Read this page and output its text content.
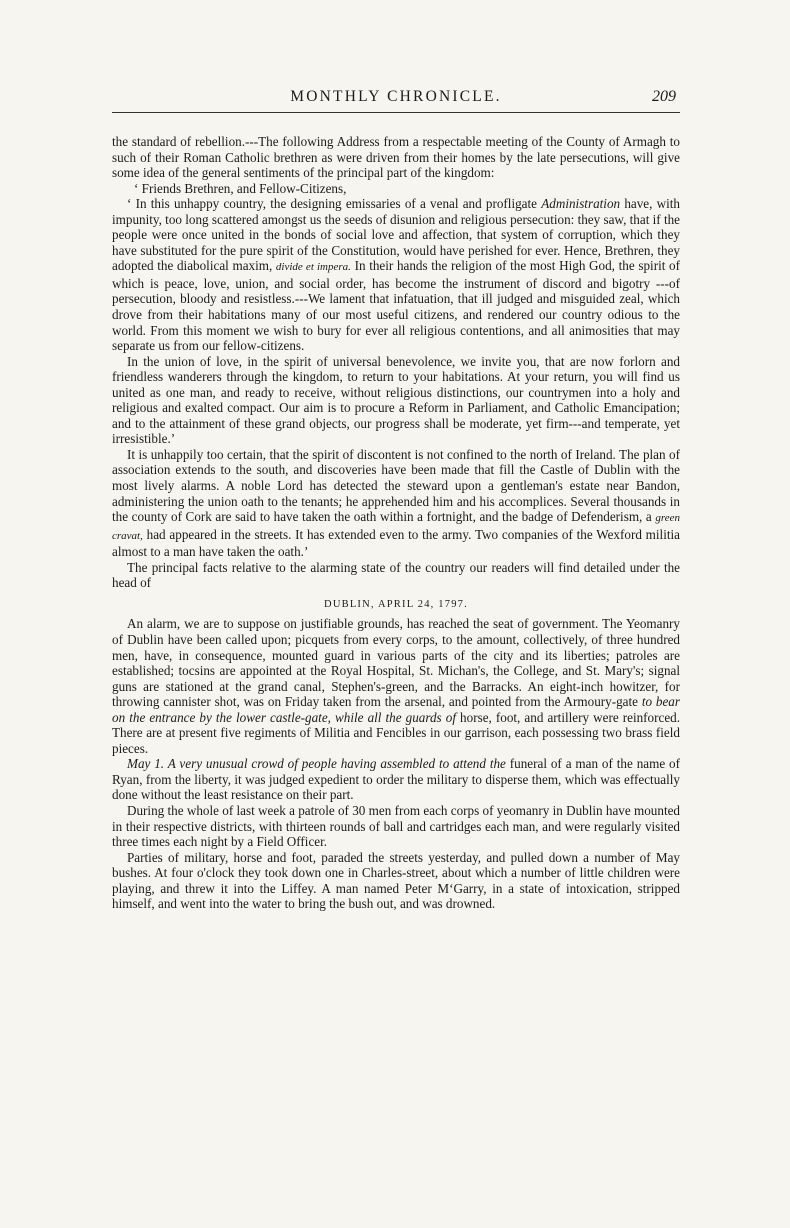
MONTHLY CHRONICLE.	209

the standard of rebellion.---The following Address from a respectable meeting of the County of Armagh to such of their Roman Catholic brethren as were driven from their homes by the late persecutions, will give some idea of the general sentiments of the principal part of the kingdom:

‘ Friends Brethren, and Fellow-Citizens,

‘ In this unhappy country, the designing emissaries of a venal and profligate Administration have, with impunity, too long scattered amongst us the seeds of disunion and religious persecution: they saw, that if the people were once united in the bonds of social love and affection, that system of corruption, which they have substituted for the pure spirit of the Constitution, would have perished for ever. Hence, Brethren, they adopted the diabolical maxim, divide et impera. In their hands the religion of the most High God, the spirit of which is peace, love, union, and social order, has become the instrument of discord and bigotry ---of persecution, bloody and resistless.---We lament that infatuation, that ill judged and misguided zeal, which drove from their habitations many of our most useful citizens, and rendered our country odious to the world. From this moment we wish to bury for ever all religious contentions, and all animosities that may separate us from our fellow-citizens.

In the union of love, in the spirit of universal benevolence, we invite you, that are now forlorn and friendless wanderers through the kingdom, to return to your habitations. At your return, you will find us united as one man, and ready to receive, without religious distinctions, our countrymen into a holy and religious and exalted compact. Our aim is to procure a Reform in Parliament, and Catholic Emancipation; and to the attainment of these grand objects, our progress shall be moderate, yet firm---and temperate, yet irresistible.’

It is unhappily too certain, that the spirit of discontent is not confined to the north of Ireland. The plan of association extends to the south, and discoveries have been made that fill the Castle of Dublin with the most lively alarms. A noble Lord has detected the steward upon a gentleman's estate near Bandon, administering the union oath to the tenants; he apprehended him and his accomplices. Several thousands in the county of Cork are said to have taken the oath within a fortnight, and the badge of Defenderism, a green cravat, had appeared in the streets. It has extended even to the army. Two companies of the Wexford militia almost to a man have taken the oath.’

The principal facts relative to the alarming state of the country our readers will find detailed under the head of

DUBLIN, APRIL 24, 1797.

An alarm, we are to suppose on justifiable grounds, has reached the seat of government. The Yeomanry of Dublin have been called upon; picquets from every corps, to the amount, collectively, of three hundred men, have, in consequence, mounted guard in various parts of the city and its liberties; patroles are established; tocsins are appointed at the Royal Hospital, St. Michan's, the College, and St. Mary's; signal guns are stationed at the grand canal, Stephen's-green, and the Barracks. An eight-inch howitzer, for throwing cannister shot, was on Friday taken from the arsenal, and pointed from the Armoury-gate to bear on the entrance by the lower castle-gate, while all the guards of horse, foot, and artillery were reinforced. There are at present five regiments of Militia and Fencibles in our garrison, each possessing two brass field pieces.

May 1. A very unusual crowd of people having assembled to attend the funeral of a man of the name of Ryan, from the liberty, it was judged expedient to order the military to disperse them, which was effectually done without the least resistance on their part.

During the whole of last week a patrole of 30 men from each corps of yeomanry in Dublin have mounted in their respective districts, with thirteen rounds of ball and cartridges each man, and were regularly visited three times each night by a Field Officer.

Parties of military, horse and foot, paraded the streets yesterday, and pulled down a number of May bushes. At four o'clock they took down one in Charles-street, about which a number of little children were playing, and threw it into the Liffey. A man named Peter M‘Garry, in a state of intoxication, stripped himself, and went into the water to bring the bush out, and was drowned.
